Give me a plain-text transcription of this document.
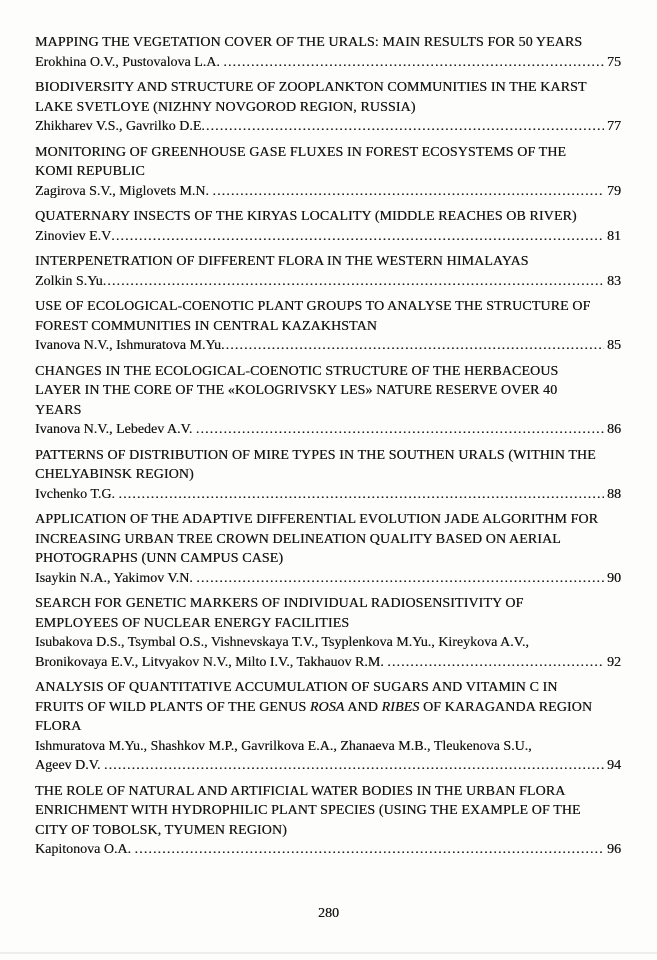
MAPPING THE VEGETATION COVER OF THE URALS: MAIN RESULTS FOR 50 YEARS
Erokhina O.V., Pustovalova L.A. .....	75
BIODIVERSITY AND STRUCTURE OF ZOOPLANKTON COMMUNITIES IN THE KARST
LAKE SVETLOYE (NIZHNY NOVGOROD REGION, RUSSIA)
Zhikharev V.S., Gavrilko D.E .....	77
MONITORING OF GREENHOUSE GASE FLUXES IN FOREST ECOSYSTEMS OF THE
KOMI REPUBLIC
Zagirova S.V., Miglovets M.N. .....	79
QUATERNARY INSECTS OF THE KIRYAS LOCALITY (MIDDLE REACHES OB RIVER)
Zinoviev E.V .....	81
INTERPENETRATION OF DIFFERENT FLORA IN THE WESTERN HIMALAYAS
Zolkin S.Yu .....	83
USE OF ECOLOGICAL-COENOTIC PLANT GROUPS TO ANALYSE THE STRUCTURE OF
FOREST COMMUNITIES IN CENTRAL KAZAKHSTAN
Ivanova N.V., Ishmuratova M.Yu .....	85
CHANGES IN THE ECOLOGICAL-COENOTIC STRUCTURE OF THE HERBACEOUS
LAYER IN THE CORE OF THE «KOLOGRIVSKY LES» NATURE RESERVE OVER 40
YEARS
Ivanova N.V., Lebedev A.V. .....	86
PATTERNS OF DISTRIBUTION OF MIRE TYPES IN THE SOUTHEN URALS (WITHIN THE
CHELYABINSK REGION)
Ivchenko T.G. .....	88
APPLICATION OF THE ADAPTIVE DIFFERENTIAL EVOLUTION JADE ALGORITHM FOR
INCREASING URBAN TREE CROWN DELINEATION QUALITY BASED ON AERIAL
PHOTOGRAPHS (UNN CAMPUS CASE)
Isaykin N.A., Yakimov V.N. .....	90
SEARCH FOR GENETIC MARKERS OF INDIVIDUAL RADIOSENSITIVITY OF
EMPLOYEES OF NUCLEAR ENERGY FACILITIES
Isubakova D.S., Tsymbal O.S., Vishnevskaya T.V., Tsyplenkova M.Yu., Kireykova A.V.,
Bronikovaya E.V., Litvyakov N.V., Milto I.V., Takhauov R.M. .....	92
ANALYSIS OF QUANTITATIVE ACCUMULATION OF SUGARS AND VITAMIN C IN
FRUITS OF WILD PLANTS OF THE GENUS ROSA AND RIBES OF KARAGANDA REGION
FLORA
Ishmuratova M.Yu., Shashkov M.P., Gavrilkova E.A., Zhanaeva M.B., Tleukenova S.U.,
Ageev D.V. .....	94
THE ROLE OF NATURAL AND ARTIFICIAL WATER BODIES IN THE URBAN FLORA
ENRICHMENT WITH HYDROPHILIC PLANT SPECIES (USING THE EXAMPLE OF THE
CITY OF TOBOLSK, TYUMEN REGION)
Kapitonova O.A. .....	96
280
